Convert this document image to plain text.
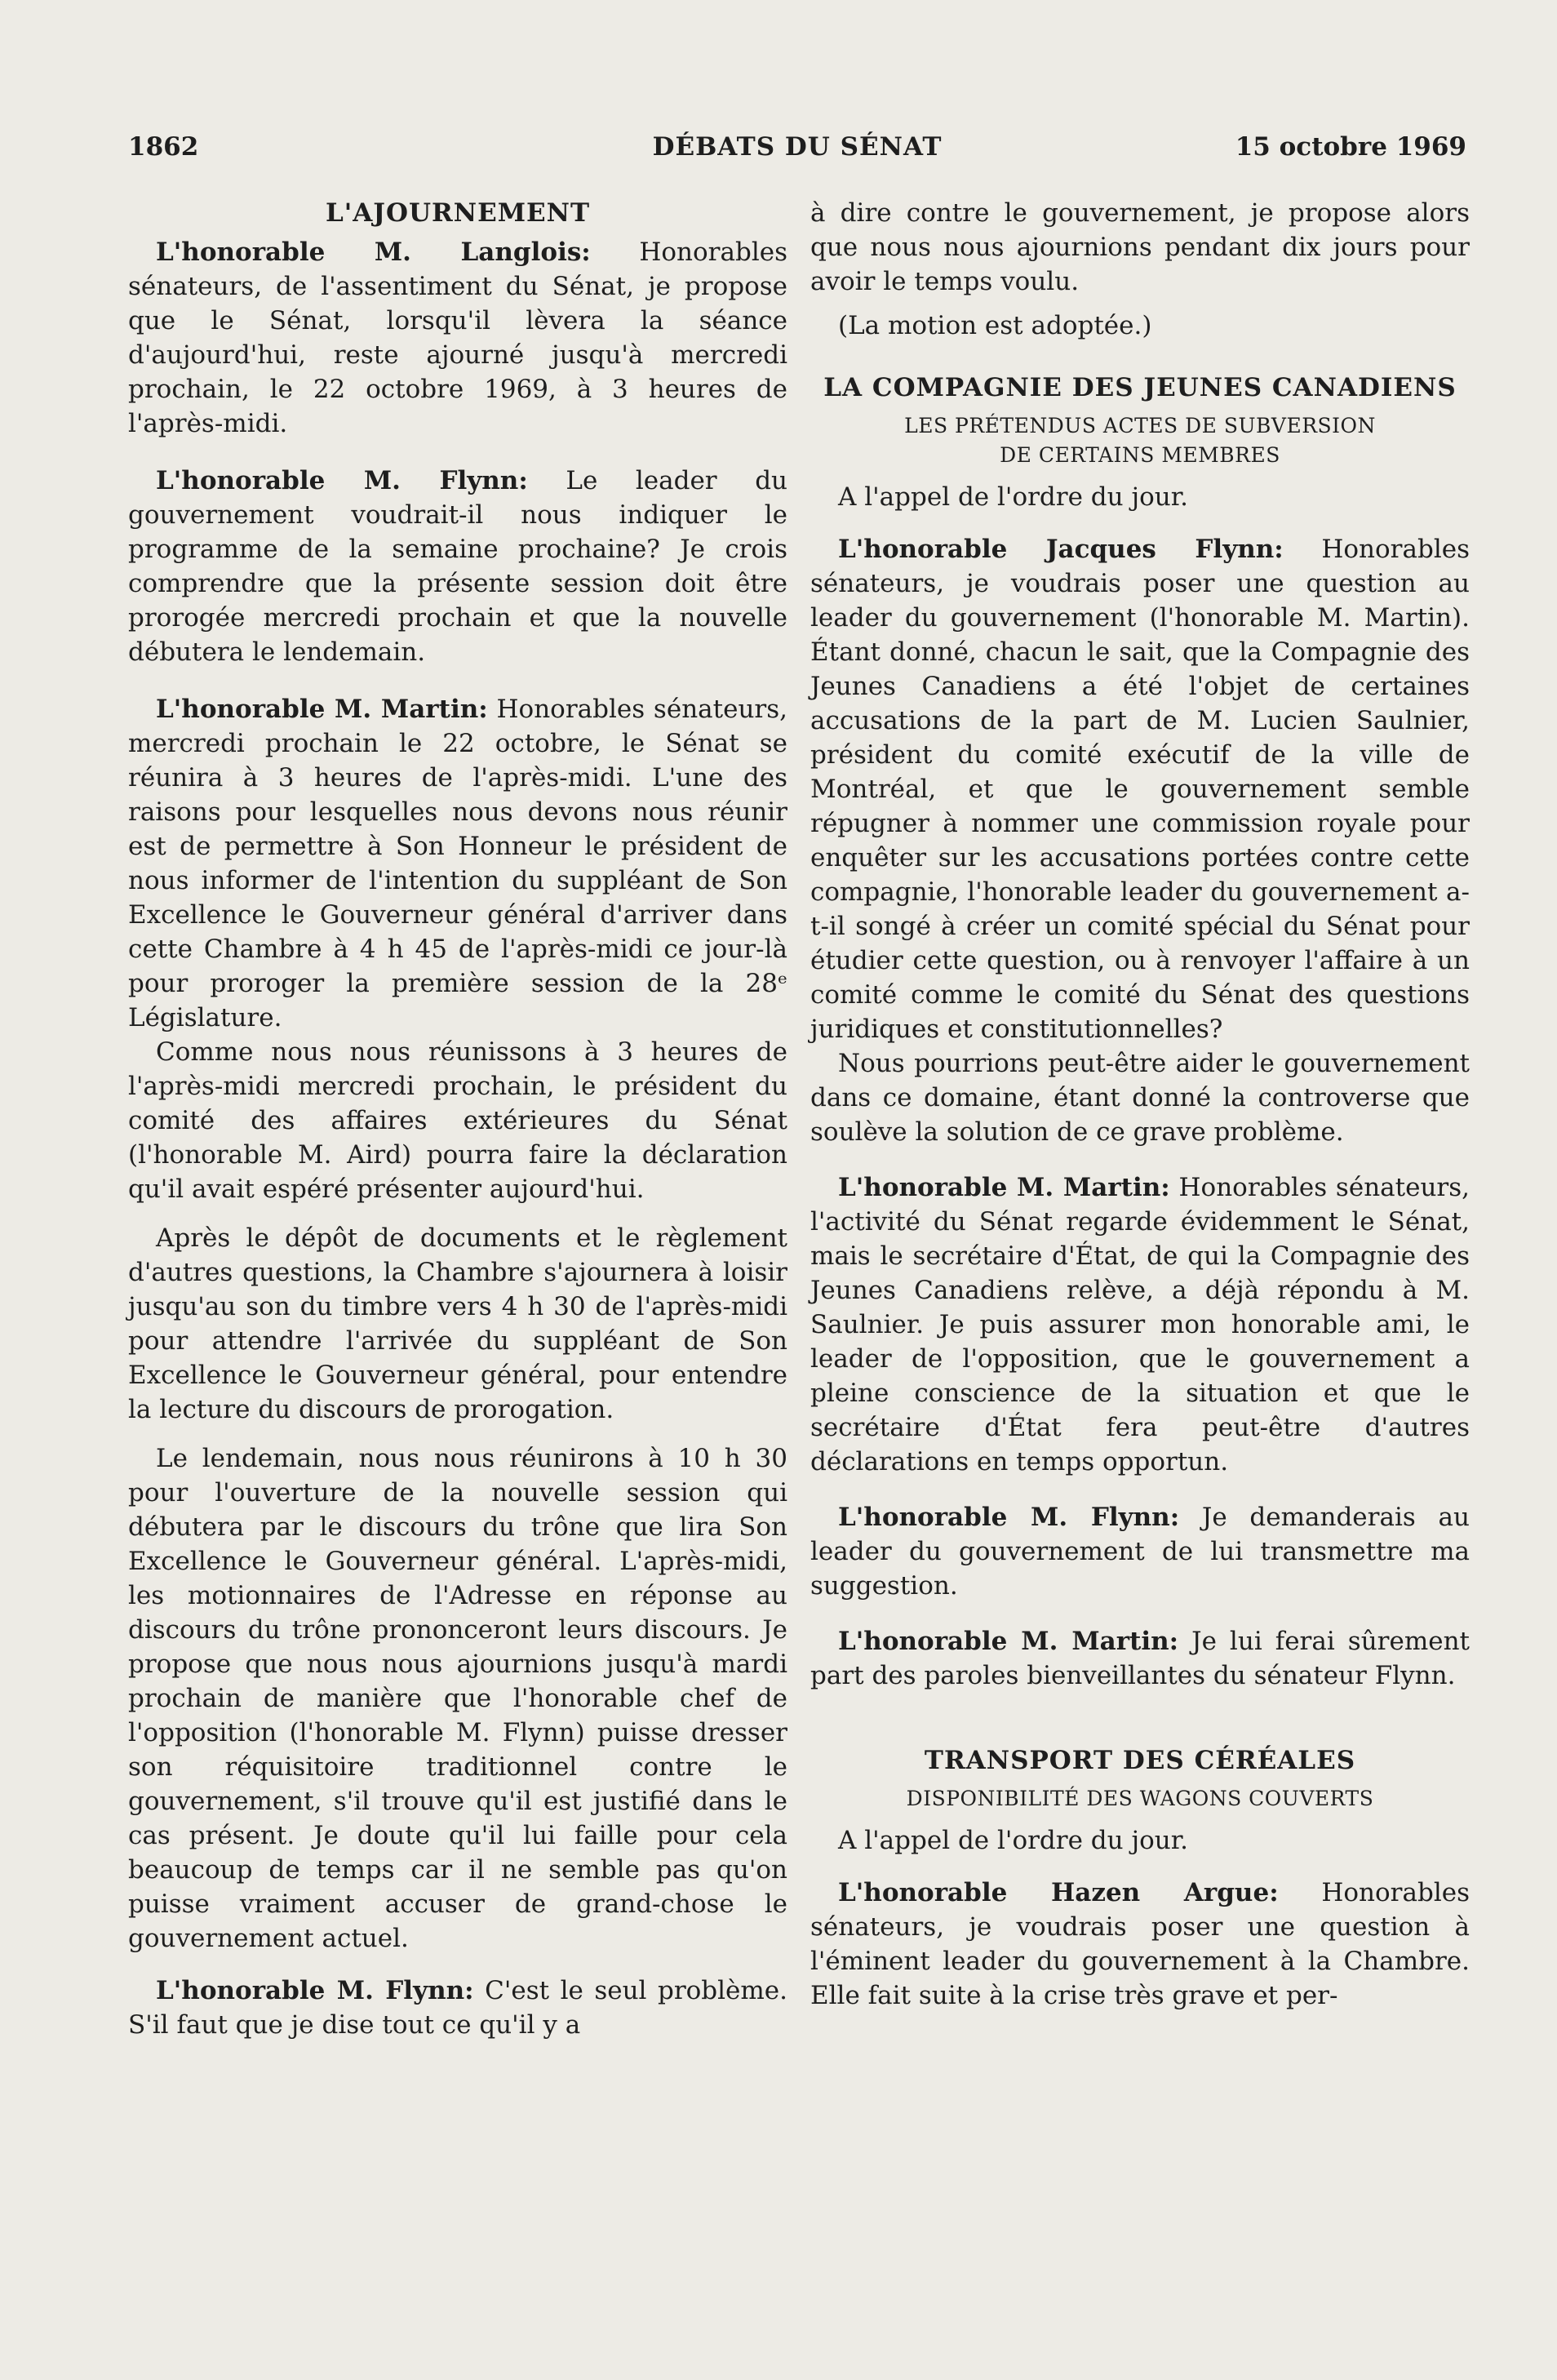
1862	DÉBATS DU SÉNAT	15 octobre 1969

L'AJOURNEMENT

L'honorable M. Langlois: Honorables sénateurs, de l'assentiment du Sénat, je propose que le Sénat, lorsqu'il lèvera la séance d'aujourd'hui, reste ajourné jusqu'à mercredi prochain, le 22 octobre 1969, à 3 heures de l'après-midi.

L'honorable M. Flynn: Le leader du gouvernement voudrait-il nous indiquer le programme de la semaine prochaine? Je crois comprendre que la présente session doit être prorogée mercredi prochain et que la nouvelle débutera le lendemain.

L'honorable M. Martin: Honorables sénateurs, mercredi prochain le 22 octobre, le Sénat se réunira à 3 heures de l'après-midi. L'une des raisons pour lesquelles nous devons nous réunir est de permettre à Son Honneur le président de nous informer de l'intention du suppléant de Son Excellence le Gouverneur général d'arriver dans cette Chambre à 4 h 45 de l'après-midi ce jour-là pour proroger la première session de la 28ᵉ Législature.

Comme nous nous réunissons à 3 heures de l'après-midi mercredi prochain, le président du comité des affaires extérieures du Sénat (l'honorable M. Aird) pourra faire la déclaration qu'il avait espéré présenter aujourd'hui.

Après le dépôt de documents et le règlement d'autres questions, la Chambre s'ajournera à loisir jusqu'au son du timbre vers 4 h 30 de l'après-midi pour attendre l'arrivée du suppléant de Son Excellence le Gouverneur général, pour entendre la lecture du discours de prorogation.

Le lendemain, nous nous réunirons à 10 h 30 pour l'ouverture de la nouvelle session qui débutera par le discours du trône que lira Son Excellence le Gouverneur général. L'après-midi, les motionnaires de l'Adresse en réponse au discours du trône prononceront leurs discours. Je propose que nous nous ajournions jusqu'à mardi prochain de manière que l'honorable chef de l'opposition (l'honorable M. Flynn) puisse dresser son réquisitoire traditionnel contre le gouvernement, s'il trouve qu'il est justifié dans le cas présent. Je doute qu'il lui faille pour cela beaucoup de temps car il ne semble pas qu'on puisse vraiment accuser de grand-chose le gouvernement actuel.

L'honorable M. Flynn: C'est le seul problème. S'il faut que je dise tout ce qu'il y a

à dire contre le gouvernement, je propose alors que nous nous ajournions pendant dix jours pour avoir le temps voulu.

(La motion est adoptée.)

LA COMPAGNIE DES JEUNES CANADIENS

LES PRÉTENDUS ACTES DE SUBVERSION

DE CERTAINS MEMBRES

A l'appel de l'ordre du jour.

L'honorable Jacques Flynn: Honorables sénateurs, je voudrais poser une question au leader du gouvernement (l'honorable M. Martin). Étant donné, chacun le sait, que la Compagnie des Jeunes Canadiens a été l'objet de certaines accusations de la part de M. Lucien Saulnier, président du comité exécutif de la ville de Montréal, et que le gouvernement semble répugner à nommer une commission royale pour enquêter sur les accusations portées contre cette compagnie, l'honorable leader du gouvernement a-t-il songé à créer un comité spécial du Sénat pour étudier cette question, ou à renvoyer l'affaire à un comité comme le comité du Sénat des questions juridiques et constitutionnelles?

Nous pourrions peut-être aider le gouvernement dans ce domaine, étant donné la controverse que soulève la solution de ce grave problème.

L'honorable M. Martin: Honorables sénateurs, l'activité du Sénat regarde évidemment le Sénat, mais le secrétaire d'État, de qui la Compagnie des Jeunes Canadiens relève, a déjà répondu à M. Saulnier. Je puis assurer mon honorable ami, le leader de l'opposition, que le gouvernement a pleine conscience de la situation et que le secrétaire d'État fera peut-être d'autres déclarations en temps opportun.

L'honorable M. Flynn: Je demanderais au leader du gouvernement de lui transmettre ma suggestion.

L'honorable M. Martin: Je lui ferai sûrement part des paroles bienveillantes du sénateur Flynn.

TRANSPORT DES CÉRÉALES

DISPONIBILITÉ DES WAGONS COUVERTS

A l'appel de l'ordre du jour.

L'honorable Hazen Argue: Honorables sénateurs, je voudrais poser une question à l'éminent leader du gouvernement à la Chambre. Elle fait suite à la crise très grave et per-
